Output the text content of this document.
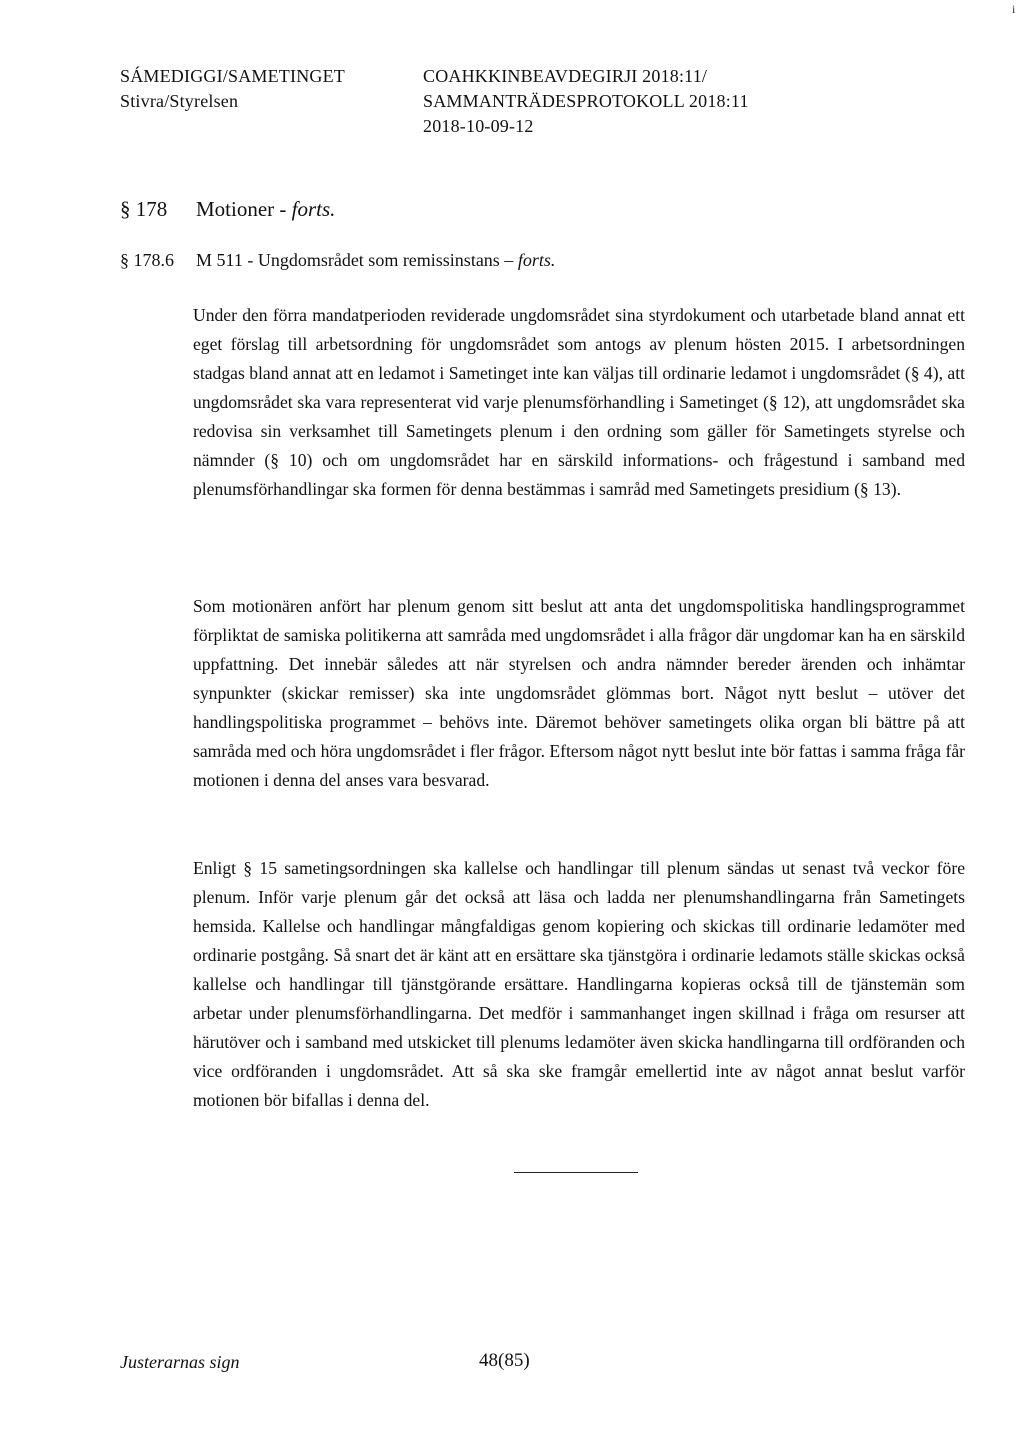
i
SÁMEDIGGI/SAMETINGET
Stivra/Styrelsen
COAHKKINBEAVDEGIRJI 2018:11/
SAMMANTRÄDESPROTOKOLL 2018:11
2018-10-09-12
§ 178 Motioner - forts.
§ 178.6 M 511 - Ungdomsrådet som remissinstans – forts.

Under den förra mandatperioden reviderade ungdomsrådet sina styrdokument och utarbetade bland annat ett eget förslag till arbetsordning för ungdomsrådet som antogs av plenum hösten 2015. I arbetsordningen stadgas bland annat att en ledamot i Sametinget inte kan väljas till ordinarie ledamot i ungdomsrådet (§ 4), att ungdomsrådet ska vara representerat vid varje plenumsförhandling i Sametinget (§ 12), att ungdomsrådet ska redovisa sin verksamhet till Sametingets plenum i den ordning som gäller för Sametingets styrelse och nämnder (§ 10) och om ungdomsrådet har en särskild informations- och frågestund i samband med plenumsförhandlingar ska formen för denna bestämmas i samråd med Sametingets presidium (§ 13).

Som motionären anfört har plenum genom sitt beslut att anta det ungdomspolitiska handlingsprogrammet förpliktat de samiska politikerna att samråda med ungdomsrådet i alla frågor där ungdomar kan ha en särskild uppfattning. Det innebär således att när styrelsen och andra nämnder bereder ärenden och inhämtar synpunkter (skickar remisser) ska inte ungdomsrådet glömmas bort. Något nytt beslut – utöver det handlingspolitiska programmet – behövs inte. Däremot behöver sametingets olika organ bli bättre på att samråda med och höra ungdomsrådet i fler frågor. Eftersom något nytt beslut inte bör fattas i samma fråga får motionen i denna del anses vara besvarad.

Enligt § 15 sametingsordningen ska kallelse och handlingar till plenum sändas ut senast två veckor före plenum. Inför varje plenum går det också att läsa och ladda ner plenumshandlingarna från Sametingets hemsida. Kallelse och handlingar mångfaldigas genom kopiering och skickas till ordinarie ledamöter med ordinarie postgång. Så snart det är känt att en ersättare ska tjänstgöra i ordinarie ledamots ställe skickas också kallelse och handlingar till tjänstgörande ersättare. Handlingarna kopieras också till de tjänstemän som arbetar under plenumsförhandlingarna. Det medför i sammanhanget ingen skillnad i fråga om resurser att härutöver och i samband med utskicket till plenums ledamöter även skicka handlingarna till ordföranden och vice ordföranden i ungdomsrådet. Att så ska ske framgår emellertid inte av något annat beslut varför motionen bör bifallas i denna del.

Justerarnas sign	48(85)
